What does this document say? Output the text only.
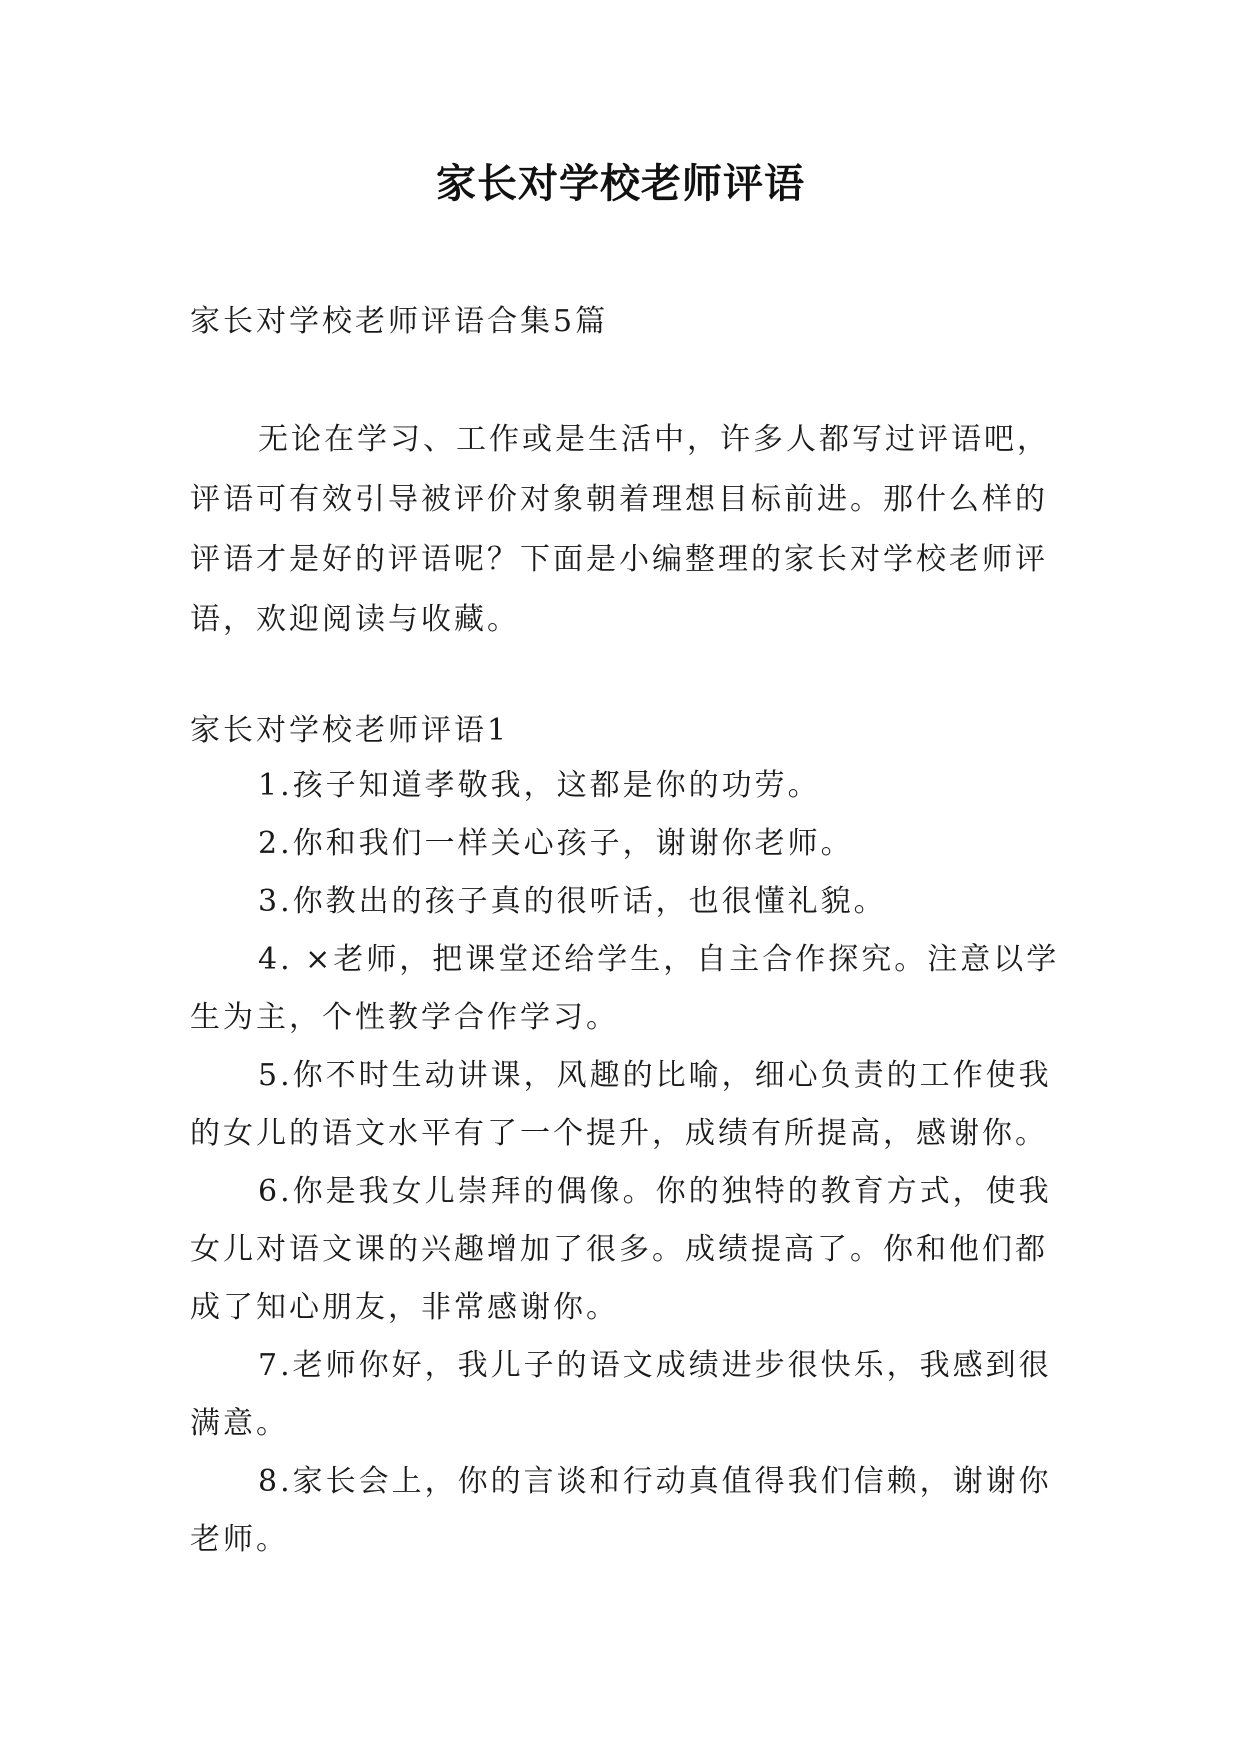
家长对学校老师评语
家长对学校老师评语合集5篇
无论在学习、工作或是生活中，许多人都写过评语吧，评语可有效引导被评价对象朝着理想目标前进。那什么样的评语才是好的评语呢？下面是小编整理的家长对学校老师评语，欢迎阅读与收藏。
家长对学校老师评语1
1.孩子知道孝敬我，这都是你的功劳。
2.你和我们一样关心孩子，谢谢你老师。
3.你教出的孩子真的很听话，也很懂礼貌。
4. ×老师，把课堂还给学生，自主合作探究。注意以学生为主，个性教学合作学习。
5.你不时生动讲课，风趣的比喻，细心负责的工作使我的女儿的语文水平有了一个提升，成绩有所提高，感谢你。
6.你是我女儿崇拜的偶像。你的独特的教育方式，使我女儿对语文课的兴趣增加了很多。成绩提高了。你和他们都成了知心朋友，非常感谢你。
7.老师你好，我儿子的语文成绩进步很快乐，我感到很满意。
8.家长会上，你的言谈和行动真值得我们信赖，谢谢你老师。
